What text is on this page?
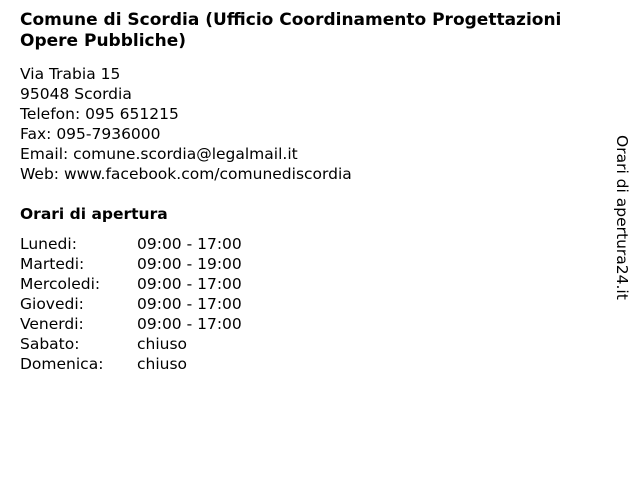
Comune di Scordia (Ufficio Coordinamento Progettazioni Opere Pubbliche)
Via Trabia 15
95048 Scordia
Telefon: 095 651215
Fax: 095-7936000
Email: comune.scordia@legalmail.it
Web: www.facebook.com/comunediscordia
Orari di apertura
Lunedi:	09:00 - 17:00
Martedi:	09:00 - 19:00
Mercoledi:	09:00 - 17:00
Giovedi:	09:00 - 17:00
Venerdi:	09:00 - 17:00
Sabato:	chiuso
Domenica:	chiuso
Orari di apertura24.it
